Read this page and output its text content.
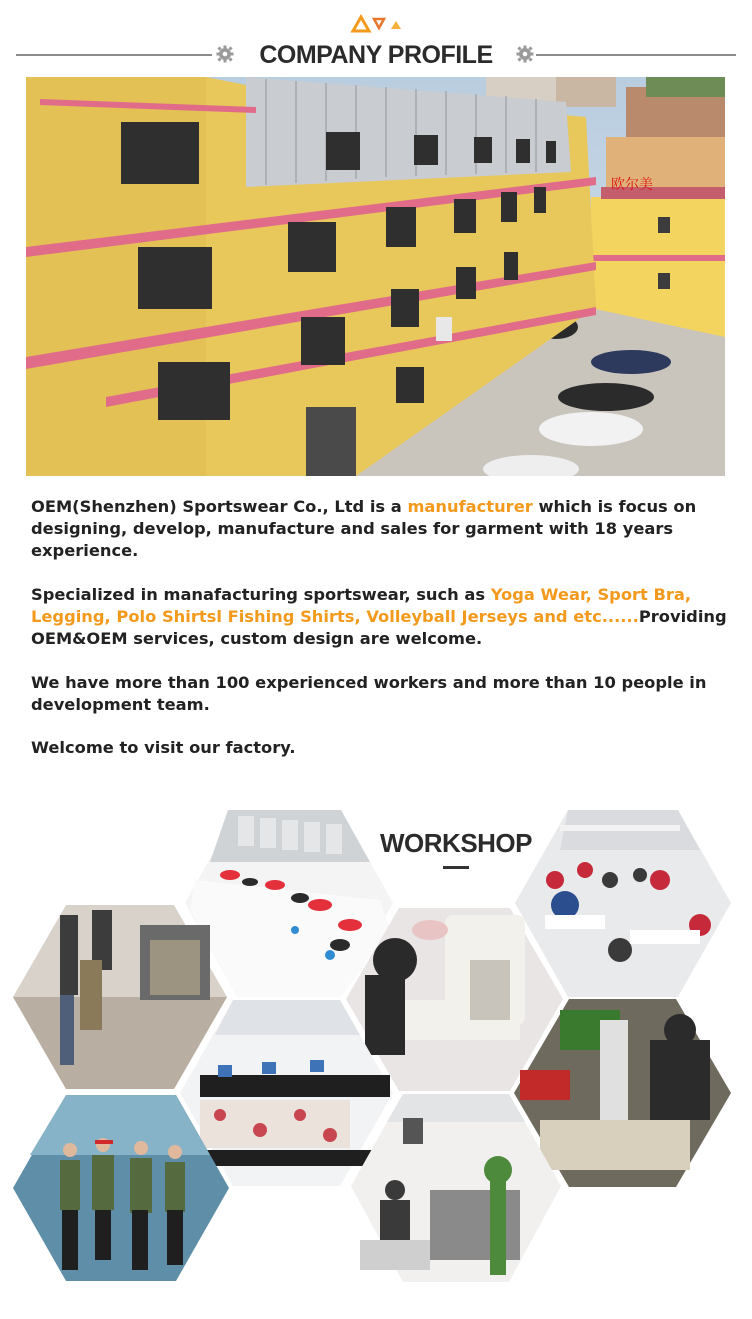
COMPANY PROFILE
欧尔美

OEM(Shenzhen) Sportswear Co., Ltd is a manufacturer which is focus on designing, develop, manufacture and sales for garment with 18 years experience.

Specialized in manafacturing sportswear, such as Yoga Wear, Sport Bra, Legging, Polo Shirtsl Fishing Shirts, Volleyball Jerseys and etc......Providing OEM&OEM services, custom design are welcome.

We have more than 100 experienced workers and more than 10 people in development team.

Welcome to visit our factory.

WORKSHOP
